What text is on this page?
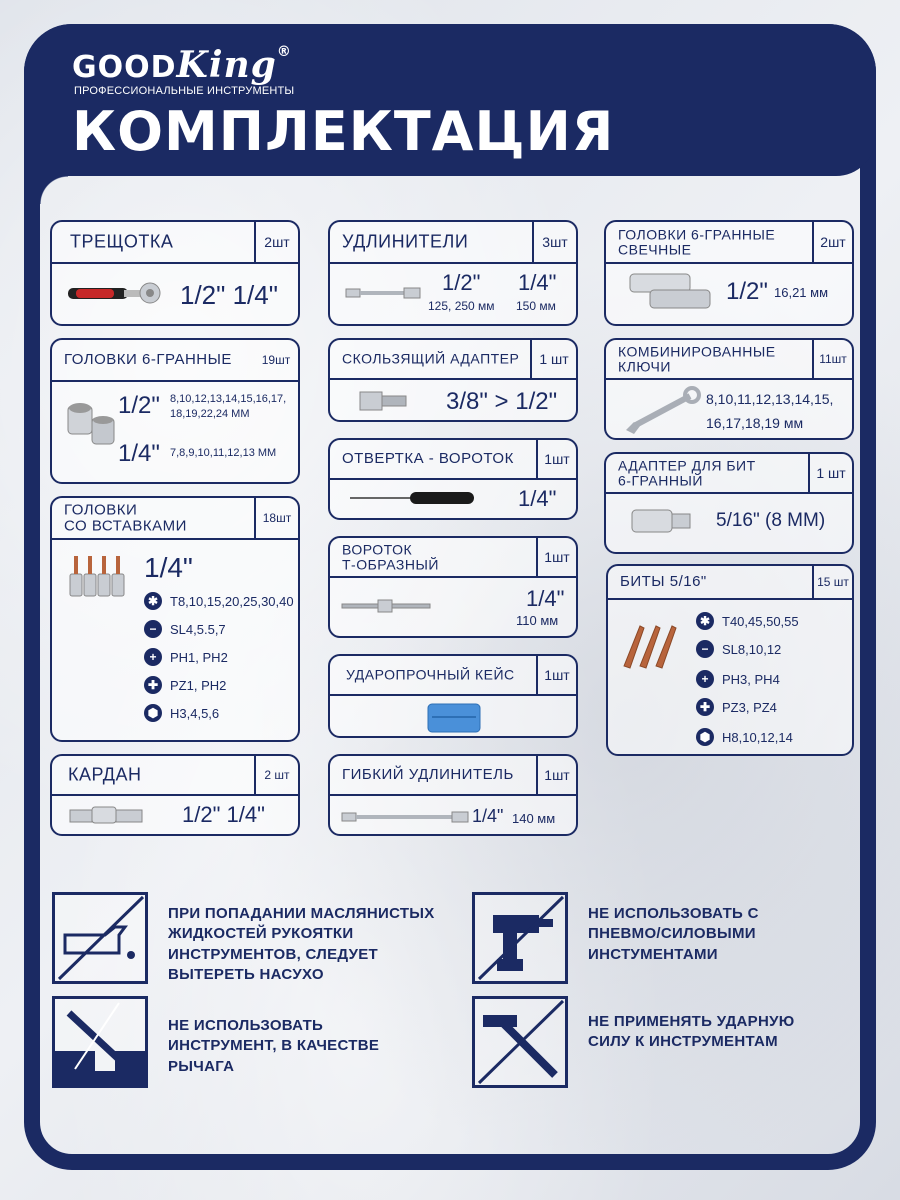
GOODKing®
ПРОФЕССИОНАЛЬНЫЕ ИНСТРУМЕНТЫ
КОМПЛЕКТАЦИЯ
ТРЕЩОТКА	2шт
1/2" 1/4"
ГОЛОВКИ 6-ГРАННЫЕ	19шт
1/2" 8,10,12,13,14,15,16,17, 18,19,22,24 ММ
1/4" 7,8,9,10,11,12,13 ММ
ГОЛОВКИ
СО ВСТАВКАМИ	18шт
1/4"
✱ T8,10,15,20,25,30,40
−	SL4,5.5,7
+	PH1, PH2
✚ PZ1, PH2
⬢ H3,4,5,6
КАРДАН	2 шт
1/2" 1/4"
УДЛИНИТЕЛИ	3шт
1/2"
125, 250 мм
1/4"
150 мм
СКОЛЬЗЯЩИЙ АДАПТЕР	1 шт
3/8" > 1/2"
ОТВЕРТКА - ВОРОТОК	1шт
1/4"
ВОРОТОК
Т-ОБРАЗНЫЙ	1шт
1/4"
110 мм
УДАРОПРОЧНЫЙ КЕЙС	1шт
ГИБКИЙ УДЛИНИТЕЛЬ	1шт
1/4" 140 мм
ГОЛОВКИ 6-ГРАННЫЕ
СВЕЧНЫЕ	2шт
1/2" 16,21 мм
КОМБИНИРОВАННЫЕ
КЛЮЧИ	11шт
8,10,11,12,13,14,15,
16,17,18,19 мм
АДАПТЕР ДЛЯ БИТ
6-ГРАННЫЙ	1 шт
5/16" (8 ММ)
БИТЫ 5/16"	15 шт
✱ T40,45,50,55
−	SL8,10,12
+	PH3, PH4
✚ PZ3, PZ4
⬢ H8,10,12,14
ПРИ ПОПАДАНИИ МАСЛЯНИСТЫХ ЖИДКОСТЕЙ РУКОЯТКИ ИНСТРУМЕНТОВ, СЛЕДУЕТ ВЫТЕРЕТЬ НАСУХО
НЕ ИСПОЛЬЗОВАТЬ С ПНЕВМО/СИЛОВЫМИ ИНСТУМЕНТАМИ
НЕ ИСПОЛЬЗОВАТЬ ИНСТРУМЕНТ, В КАЧЕСТВЕ РЫЧАГА
НЕ ПРИМЕНЯТЬ УДАРНУЮ СИЛУ К ИНСТРУМЕНТАМ
